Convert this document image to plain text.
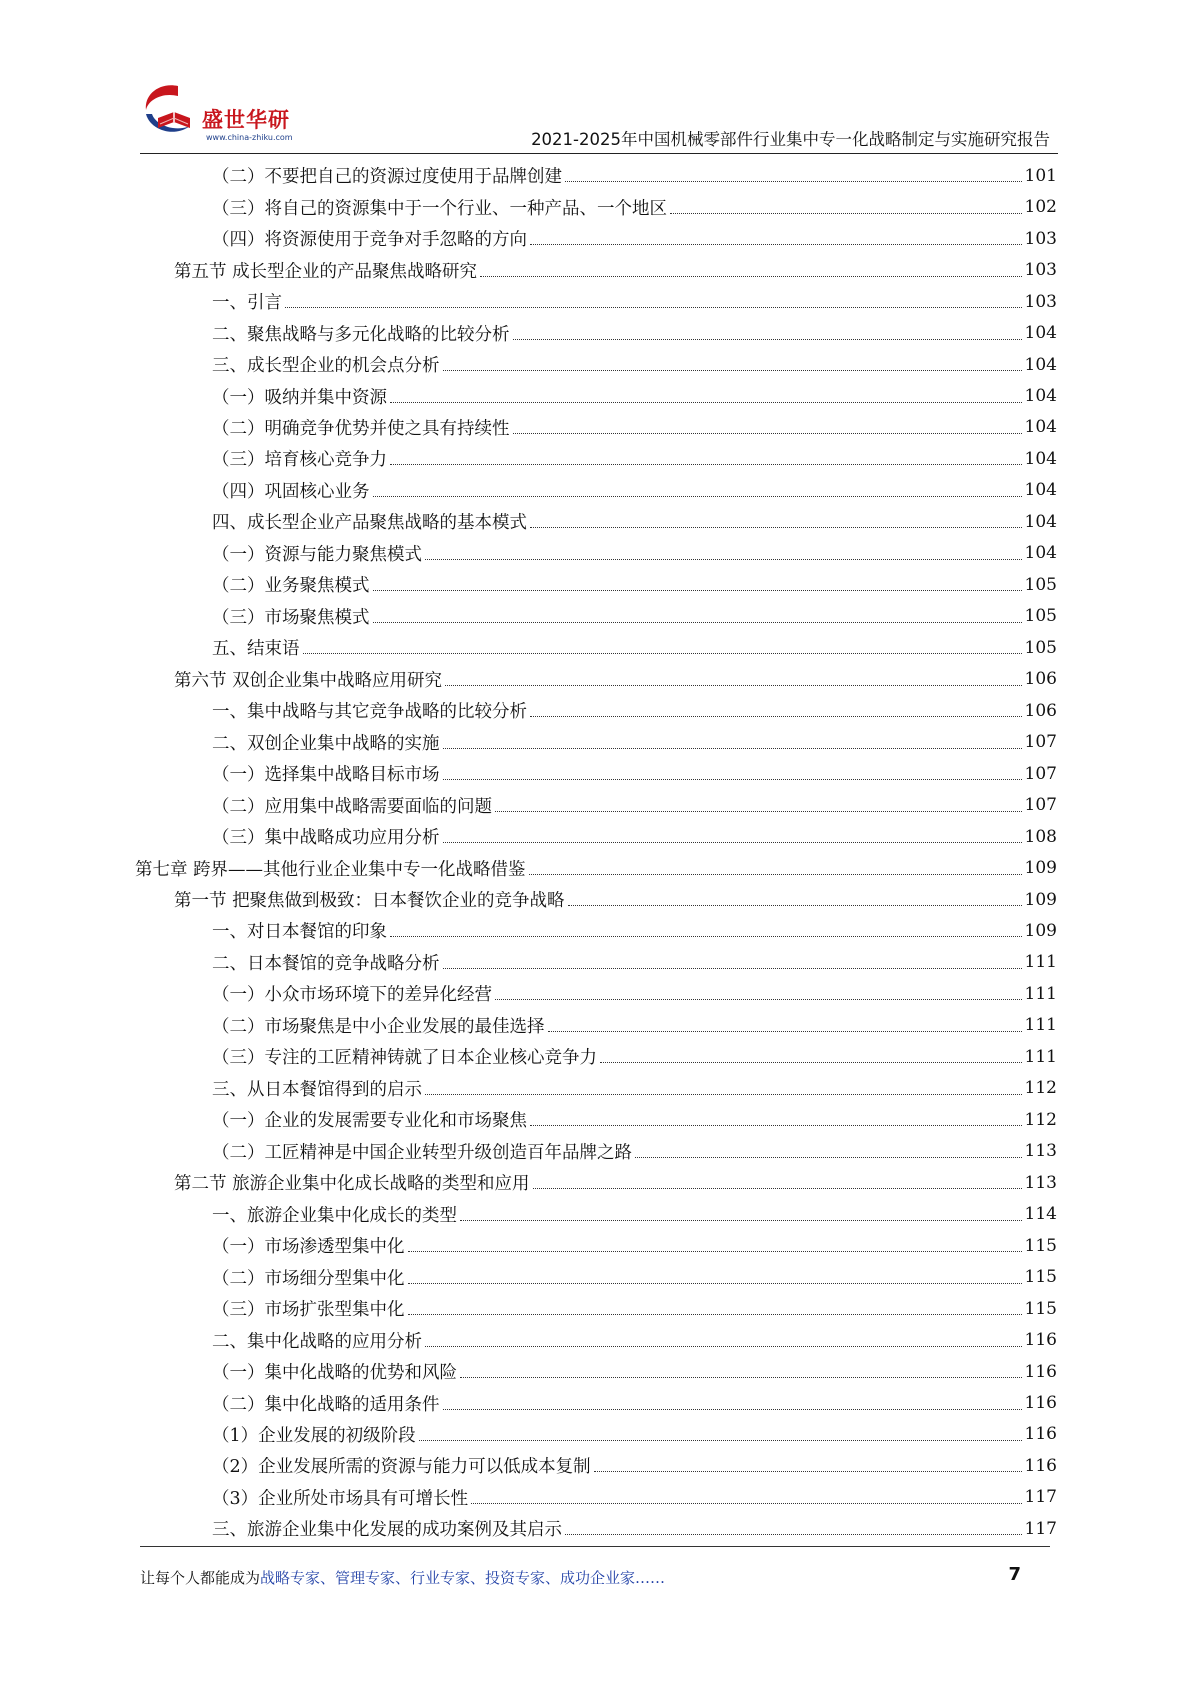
盛世华研
www.china-zhiku.com	2021-2025年中国机械零部件行业集中专一化战略制定与实施研究报告
（二）不要把自己的资源过度使用于品牌创建	101
（三）将自己的资源集中于一个行业、一种产品、一个地区	102
（四）将资源使用于竞争对手忽略的方向	103
第五节 成长型企业的产品聚焦战略研究	103
一、引言	103
二、聚焦战略与多元化战略的比较分析	104
三、成长型企业的机会点分析	104
（一）吸纳并集中资源	104
（二）明确竞争优势并使之具有持续性	104
（三）培育核心竞争力	104
（四）巩固核心业务	104
四、成长型企业产品聚焦战略的基本模式	104
（一）资源与能力聚焦模式	104
（二）业务聚焦模式	105
（三）市场聚焦模式	105
五、结束语	105
第六节 双创企业集中战略应用研究	106
一、集中战略与其它竞争战略的比较分析	106
二、双创企业集中战略的实施	107
（一）选择集中战略目标市场	107
（二）应用集中战略需要面临的问题	107
（三）集中战略成功应用分析	108
第七章 跨界——其他行业企业集中专一化战略借鉴	109
第一节 把聚焦做到极致：日本餐饮企业的竞争战略	109
一、对日本餐馆的印象	109
二、日本餐馆的竞争战略分析	111
（一）小众市场环境下的差异化经营	111
（二）市场聚焦是中小企业发展的最佳选择	111
（三）专注的工匠精神铸就了日本企业核心竞争力	111
三、从日本餐馆得到的启示	112
（一）企业的发展需要专业化和市场聚焦	112
（二）工匠精神是中国企业转型升级创造百年品牌之路	113
第二节 旅游企业集中化成长战略的类型和应用	113
一、旅游企业集中化成长的类型	114
（一）市场渗透型集中化	115
（二）市场细分型集中化	115
（三）市场扩张型集中化	115
二、集中化战略的应用分析	116
（一）集中化战略的优势和风险	116
（二）集中化战略的适用条件	116
（1）企业发展的初级阶段	116
（2）企业发展所需的资源与能力可以低成本复制	116
（3）企业所处市场具有可增长性	117
三、旅游企业集中化发展的成功案例及其启示	117
让每个人都能成为战略专家、管理专家、行业专家、投资专家、成功企业家……	7
